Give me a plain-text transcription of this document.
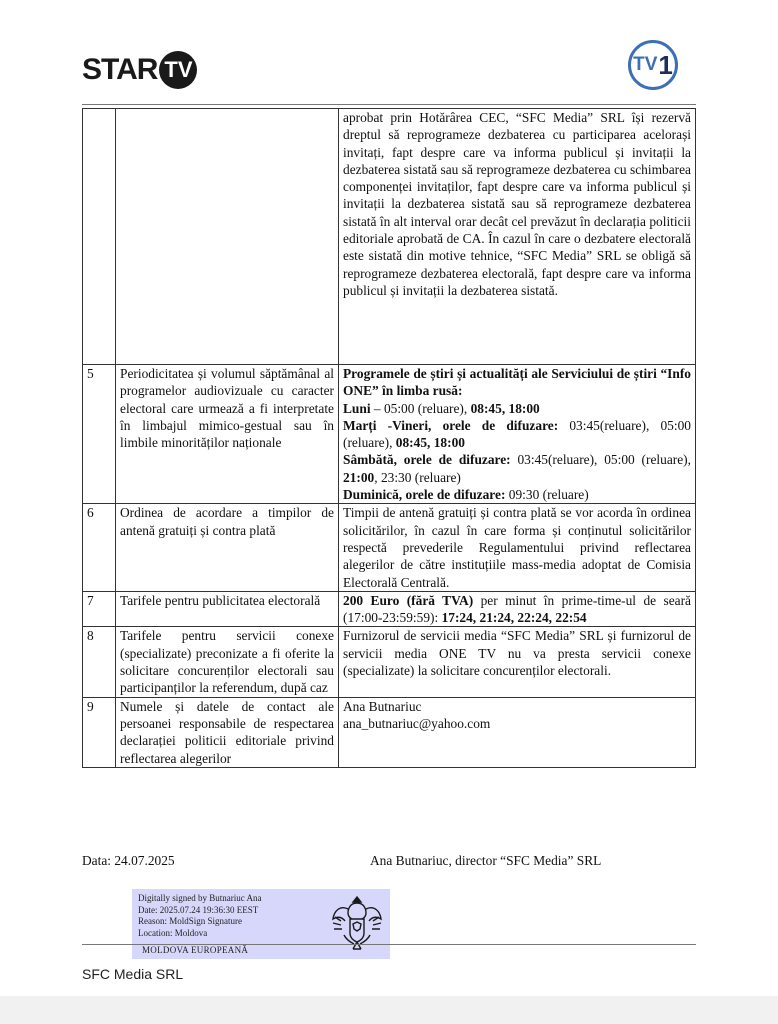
STAR TV	TV 1
		aprobat prin Hotărârea CEC, “SFC Media” SRL își rezervă dreptul să reprogrameze dezbaterea cu participarea acelorași invitați, fapt despre care va informa publicul și invitații la dezbaterea sistată sau să reprogrameze dezbaterea cu schimbarea componenței invitaților, fapt despre care va informa publicul și invitații la dezbaterea sistată sau să reprogrameze dezbaterea sistată în alt interval orar decât cel prevăzut în declarația politicii editoriale aprobată de CA. În cazul în care o dezbatere electorală este sistată din motive tehnice, “SFC Media” SRL se obligă să reprogrameze dezbaterea electorală, fapt despre care va informa publicul și invitații la dezbaterea sistată.
5	Periodicitatea și volumul săptămânal al programelor audiovizuale cu caracter electoral care urmează a fi interpretate în limbajul mimico-gestual sau în limbile minorităților naționale	Programele de știri și actualități ale Serviciului de știri “Info ONE” în limba rusă:
Luni – 05:00 (reluare), 08:45, 18:00
Marți -Vineri, orele de difuzare: 03:45(reluare), 05:00 (reluare), 08:45, 18:00
Sâmbătă, orele de difuzare: 03:45(reluare), 05:00 (reluare), 21:00, 23:30 (reluare)
Duminică, orele de difuzare: 09:30 (reluare)

6	Ordinea de acordare a timpilor de antenă gratuiți și contra plată	Timpii de antenă gratuiți și contra plată se vor acorda în ordinea solicitărilor, în cazul în care forma și conținutul solicitărilor respectă prevederile Regulamentului privind reflectarea alegerilor de către instituțiile mass-media adoptat de Comisia Electorală Centrală.
7	Tarifele pentru publicitatea electorală	200 Euro (fără TVA) per minut în prime-time-ul de seară (17:00-23:59:59): 17:24, 21:24, 22:24, 22:54
8	Tarifele pentru servicii conexe (specializate) preconizate a fi oferite la solicitare concurenților electorali sau participanților la referendum, după caz	Furnizorul de servicii media “SFC Media” SRL și furnizorul de servicii media ONE TV nu va presta servicii conexe (specializate) la solicitare concurenților electorali.
9	Numele și datele de contact ale persoanei responsabile de respectarea declarației politicii editoriale privind reflectarea alegerilor	Ana Butnariuc
ana_butnariuc@yahoo.com
Data: 24.07.2025	Ana Butnariuc, director “SFC Media” SRL
Digitally signed by Butnariuc Ana
Date: 2025.07.24 19:36:30 EEST
Reason: MoldSign Signature
Location: Moldova
MOLDOVA EUROPEANĂ
SFC Media SRL
